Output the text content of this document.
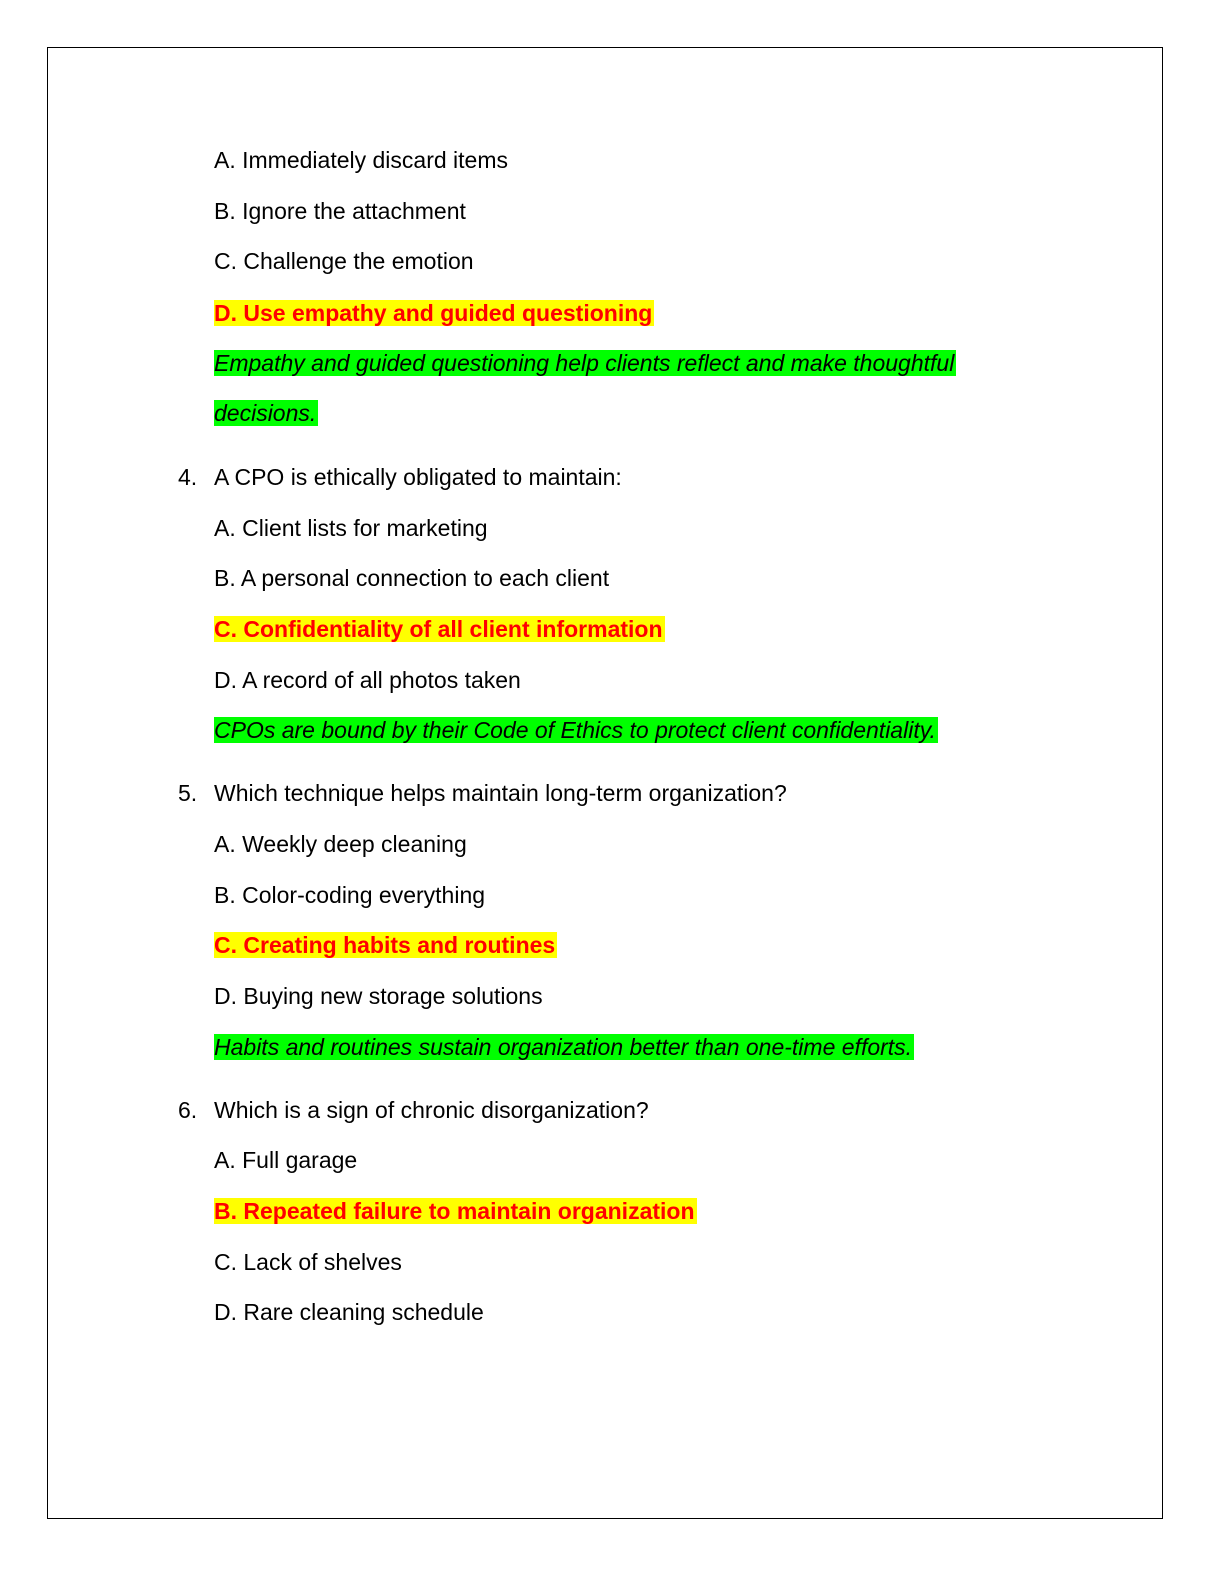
A. Immediately discard items
B. Ignore the attachment
C. Challenge the emotion
D. Use empathy and guided questioning
Empathy and guided questioning help clients reflect and make thoughtful
decisions.
4. A CPO is ethically obligated to maintain:
A. Client lists for marketing
B. A personal connection to each client
C. Confidentiality of all client information
D. A record of all photos taken
CPOs are bound by their Code of Ethics to protect client confidentiality.
5. Which technique helps maintain long-term organization?
A. Weekly deep cleaning
B. Color-coding everything
C. Creating habits and routines
D. Buying new storage solutions
Habits and routines sustain organization better than one-time efforts.
6. Which is a sign of chronic disorganization?
A. Full garage
B. Repeated failure to maintain organization
C. Lack of shelves
D. Rare cleaning schedule
